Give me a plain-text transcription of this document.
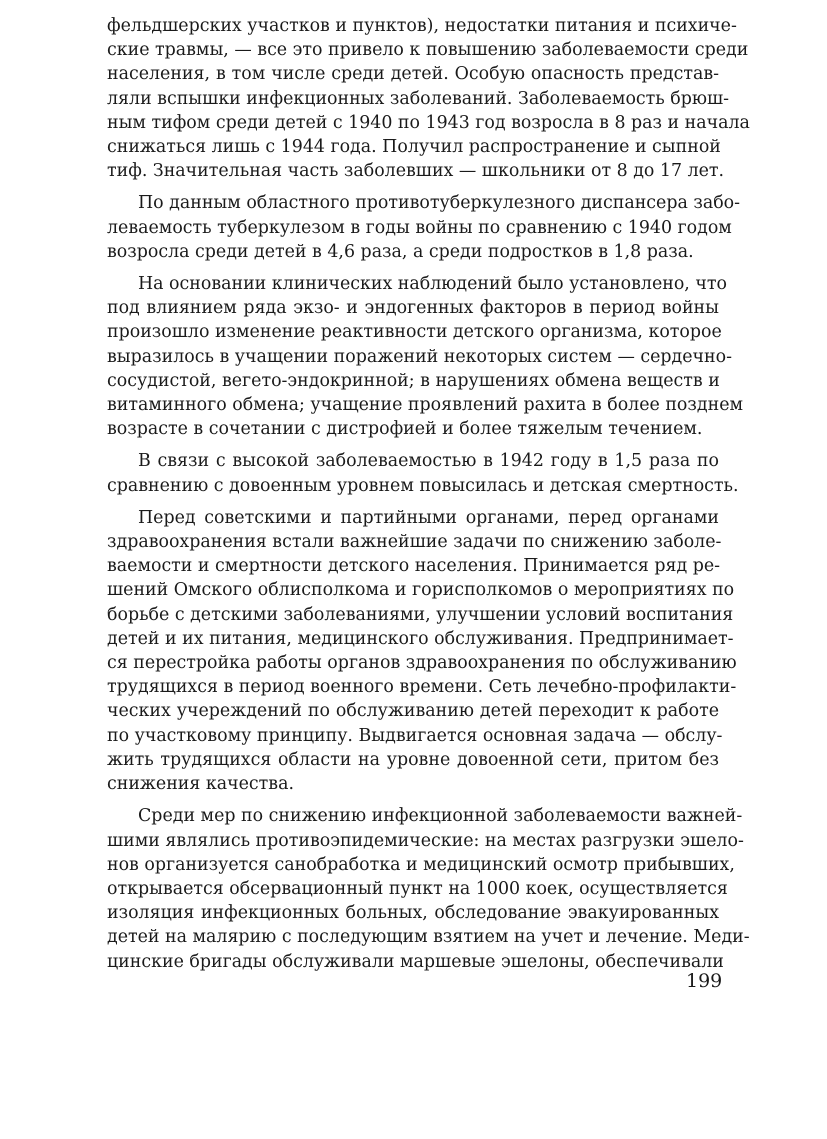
фельдшерских участков и пунктов), недостатки питания и психиче-
ские травмы, — все это привело к повышению заболеваемости среди
населения, в том числе среди детей. Особую опасность представ-
ляли вспышки инфекционных заболеваний. Заболеваемость брюш-
ным тифом среди детей с 1940 по 1943 год возросла в 8 раз и начала
снижаться лишь с 1944 года. Получил распространение и сыпной
тиф. Значительная часть заболевших — школьники от 8 до 17 лет.
По данным областного противотуберкулезного диспансера забо-
леваемость туберкулезом в годы войны по сравнению с 1940 годом
возросла среди детей в 4,6 раза, а среди подростков в 1,8 раза.
На основании клинических наблюдений было установлено, что
под влиянием ряда экзо- и эндогенных факторов в период войны
произошло изменение реактивности детского организма, которое
выразилось в учащении поражений некоторых систем — сердечно-
сосудистой, вегето-эндокринной; в нарушениях обмена веществ и
витаминного обмена; учащение проявлений рахита в более позднем
возрасте в сочетании с дистрофией и более тяжелым течением.
В связи с высокой заболеваемостью в 1942 году в 1,5 раза по
сравнению с довоенным уровнем повысилась и детская смертность.
Перед советскими и партийными органами, перед органами
здравоохранения встали важнейшие задачи по снижению заболе-
ваемости и смертности детского населения. Принимается ряд ре-
шений Омского облисполкома и горисполкомов о мероприятиях по
борьбе с детскими заболеваниями, улучшении условий воспитания
детей и их питания, медицинского обслуживания. Предпринимает-
ся перестройка работы органов здравоохранения по обслуживанию
трудящихся в период военного времени. Сеть лечебно-профилакти-
ческих учереждений по обслуживанию детей переходит к работе
по участковому принципу. Выдвигается основная задача — обслу-
жить трудящихся области на уровне довоенной сети, притом без
снижения качества.
Среди мер по снижению инфекционной заболеваемости важней-
шими являлись противоэпидемические: на местах разгрузки эшело-
нов организуется санобработка и медицинский осмотр прибывших,
открывается обсервационный пункт на 1000 коек, осуществляется
изоляция инфекционных больных, обследование эвакуированных
детей на малярию с последующим взятием на учет и лечение. Меди-
цинские бригады обслуживали маршевые эшелоны, обеспечивали
199
